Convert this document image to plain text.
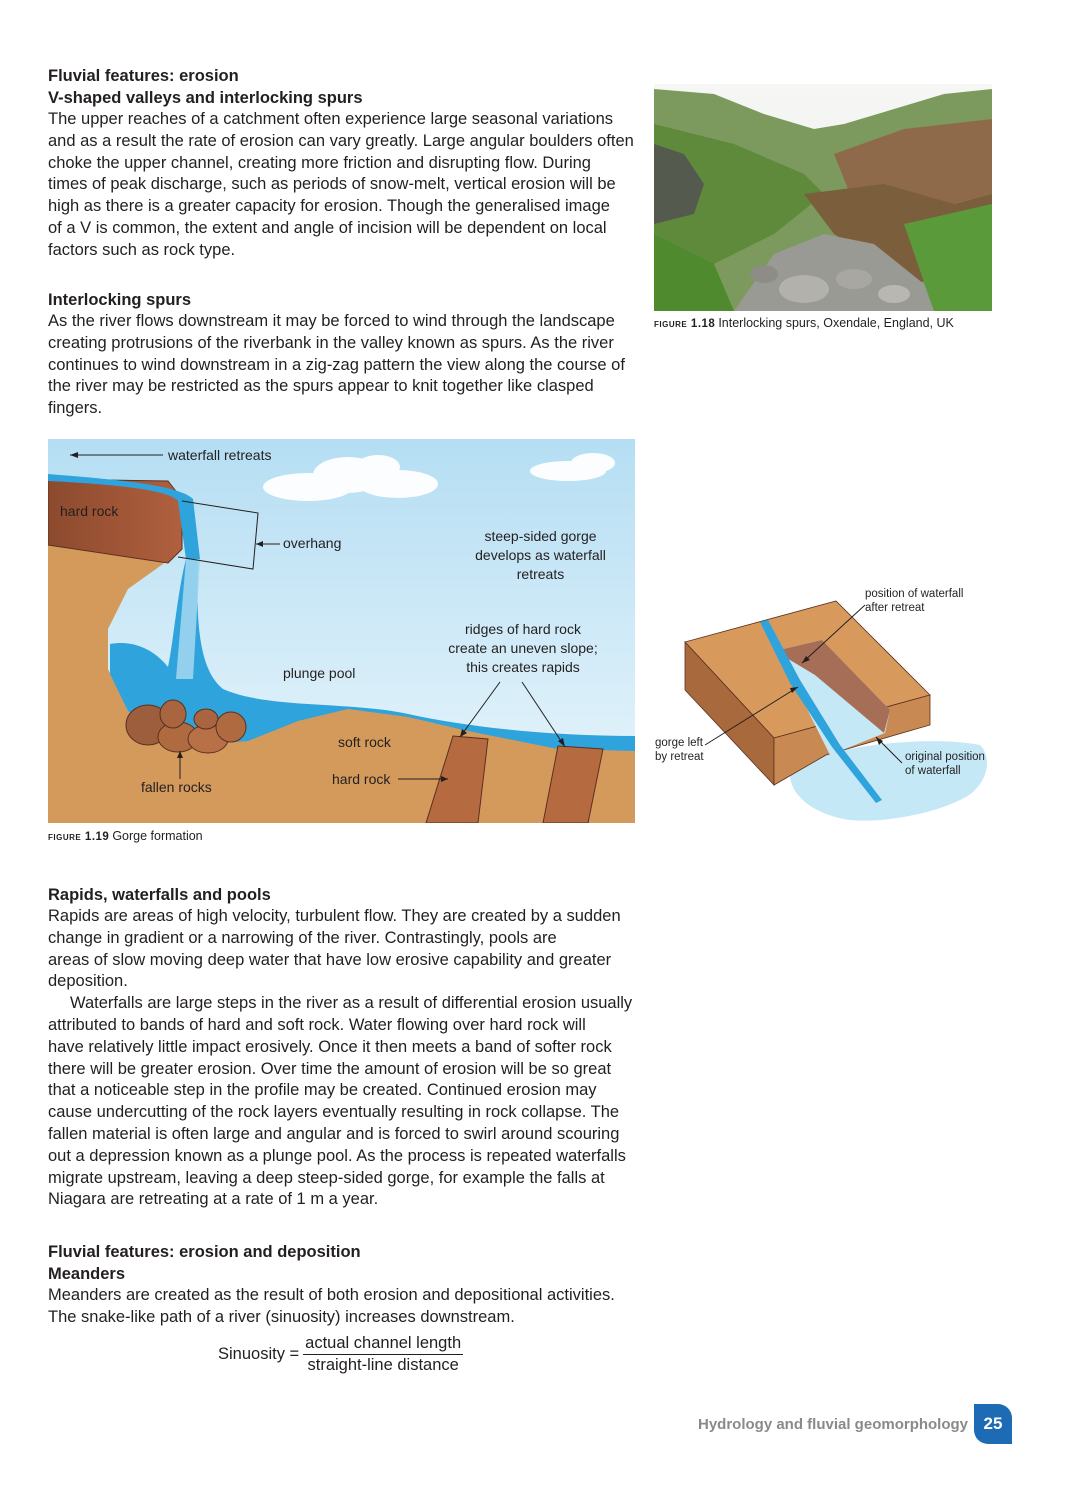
Fluvial features: erosion
V-shaped valleys and interlocking spurs

The upper reaches of a catchment often experience large seasonal variations

and as a result the rate of erosion can vary greatly. Large angular boulders often

choke the upper channel, creating more friction and disrupting flow. During

times of peak discharge, such as periods of snow-melt, vertical erosion will be

high as there is a greater capacity for erosion. Though the generalised image

of a V is common, the extent and angle of incision will be dependent on local

factors such as rock type.

Interlocking spurs

As the river flows downstream it may be forced to wind through the landscape

creating protrusions of the riverbank in the valley known as spurs. As the river

continues to wind downstream in a zig-zag pattern the view along the course of

the river may be restricted as the spurs appear to knit together like clasped fingers.

figure 1.18 Interlocking spurs, Oxendale, England, UK
waterfall retreats
hard rock
overhang	steep-sided gorge
develops as waterfall
retreats
ridges of hard rock
create an uneven slope;
this creates rapids
plunge pool
soft rock
hard rock
fallen rocks
figure 1.19 Gorge formation
position of waterfall
after retreat
gorge left
by retreat	original position
of waterfall
Rapids, waterfalls and pools

Rapids are areas of high velocity, turbulent flow. They are created by a sudden

change in gradient or a narrowing of the river. Contrastingly, pools are

areas of slow moving deep water that have low erosive capability and greater

deposition.

Waterfalls are large steps in the river as a result of differential erosion usually

attributed to bands of hard and soft rock. Water flowing over hard rock will

have relatively little impact erosively. Once it then meets a band of softer rock

there will be greater erosion. Over time the amount of erosion will be so great

that a noticeable step in the profile may be created. Continued erosion may

cause undercutting of the rock layers eventually resulting in rock collapse. The

fallen material is often large and angular and is forced to swirl around scouring

out a depression known as a plunge pool. As the process is repeated waterfalls

migrate upstream, leaving a deep steep-sided gorge, for example the falls at

Niagara are retreating at a rate of 1 m a year.

Fluvial features: erosion and deposition
Meanders

Meanders are created as the result of both erosion and depositional activities.

The snake-like path of a river (sinuosity) increases downstream.

Sinuosity = $\frac{\text{actual channel length}}{\text{straight-line distance}}$
Hydrology and fluvial geomorphology 25
